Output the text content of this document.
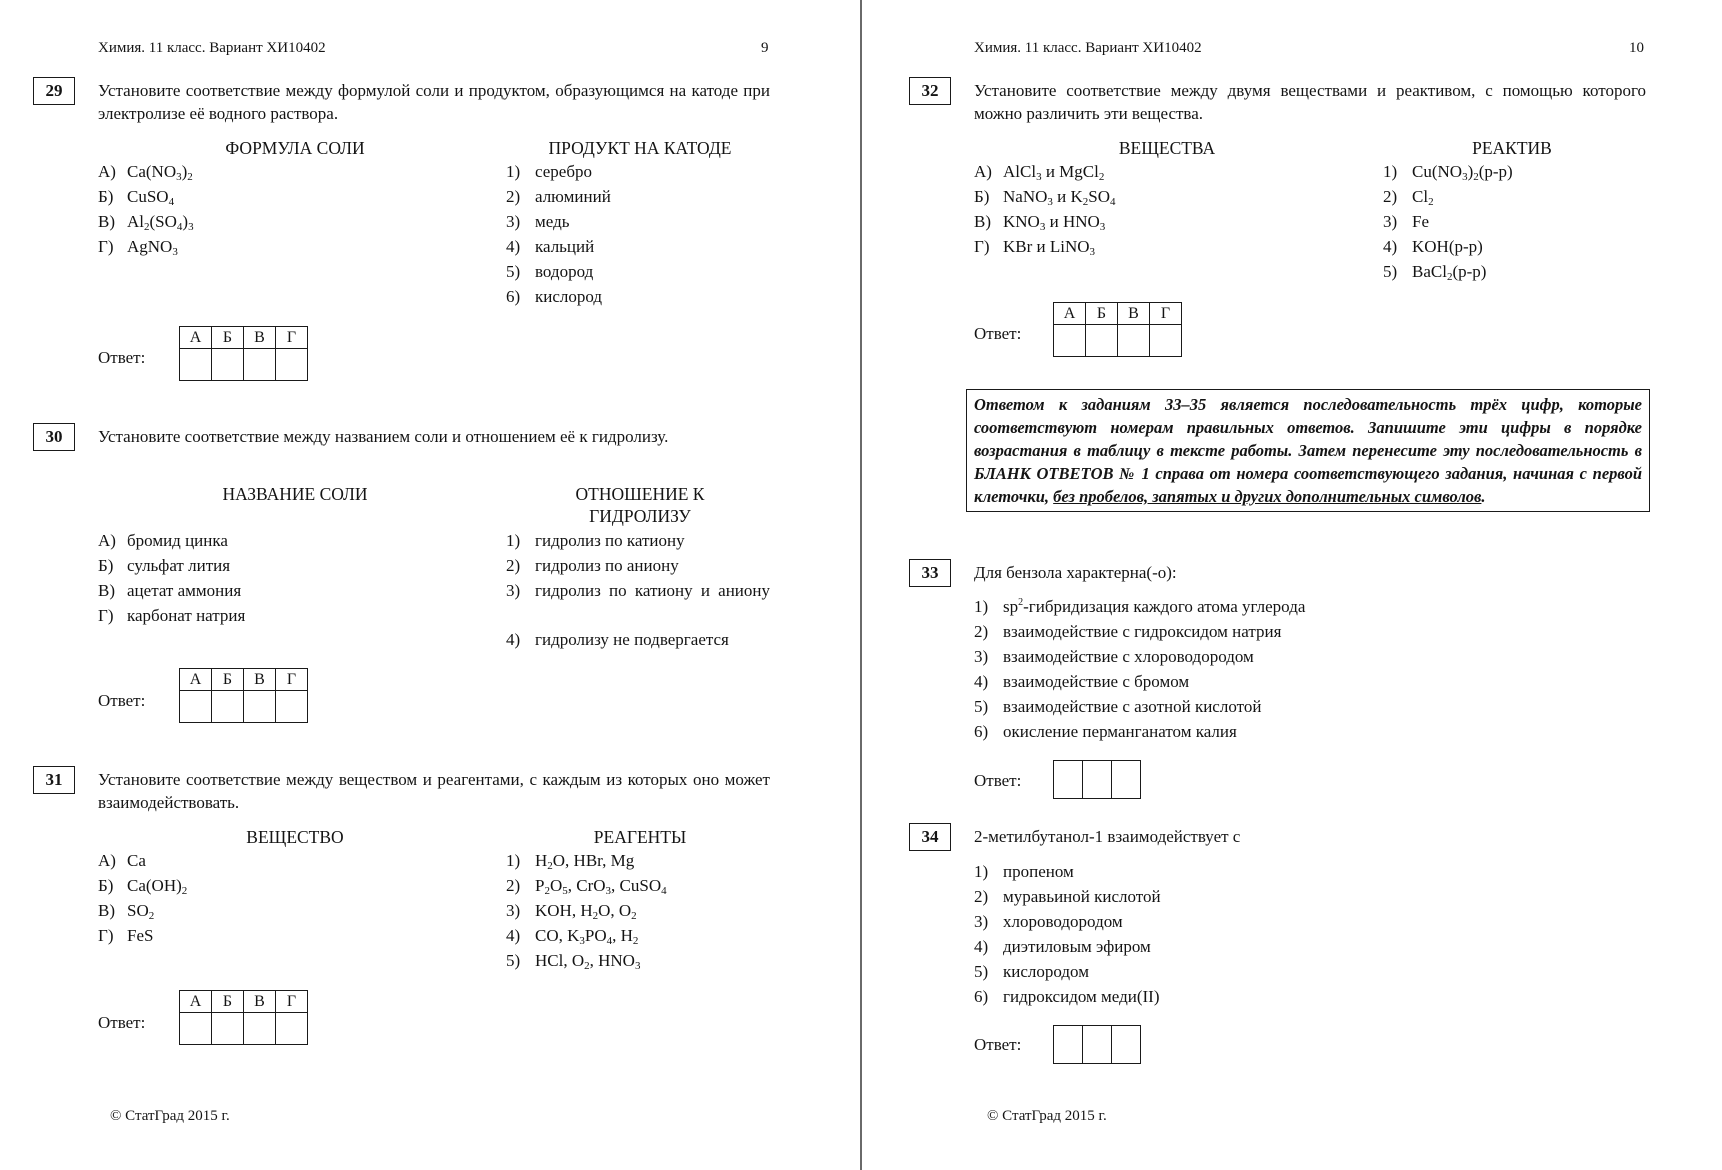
Химия. 11 класс. Вариант ХИ10402	9
29	Установите соответствие между формулой соли и продуктом, образующимся на катоде при электролизе её водного раствора.
ФОРМУЛА СОЛИ	ПРОДУКТ НА КАТОДЕ
А) $Ca(NO_3)_2$
Б) CuSO$_4$
В) $Al_2(SO_4)_3$
Г) AgNO$_3$
1) серебро
2) алюминий
3) медь
4) кальций
5) водород
6) кислород
Ответ:
А	Б	В	Г

30	Установите соответствие между названием соли и отношением её к гидролизу.
НАЗВАНИЕ СОЛИ	ОТНОШЕНИЕ К
ГИДРОЛИЗУ
А) бромид цинка
Б) сульфат лития
В) ацетат аммония
Г) карбонат натрия
1) гидролиз по катиону
2) гидролиз по аниону
3) гидролиз по катиону и аниону
4) гидролизу не подвергается
Ответ:
А	Б	В	Г

31	Установите соответствие между веществом и реагентами, с каждым из которых оно может взаимодействовать.
ВЕЩЕСТВО	РЕАГЕНТЫ
А) Ca
Б) $Ca(OH)_2$
В) $SO_2$
Г) FeS
1) $H_2O$, HBr, Mg
2) $P_2O_5$, CrO$_3$, CuSO$_4$
3) KOH, $H_2O$, $O_2$
4) CO, $K_3PO_4$, $H_2$
5) HCl, $O_2$, $HNO_3$
Ответ:
А	Б	В	Г

© СтатГрад 2015 г.
Химия. 11 класс. Вариант ХИ10402	10
32	Установите соответствие между двумя веществами и реактивом, с помощью которого можно различить эти вещества.
ВЕЩЕСТВА	РЕАКТИВ
А) AlCl$_3$ и MgCl$_2$
Б) NaNO$_3$ и $K_2SO_4$
В) $KNO_3$ и $HNO_3$
Г) KBr и LiNO$_3$
1) $Cu(NO_3)_2(р-р)$
2) $Cl_2$
3) Fe
4) KOH(р-р)
5) BaCl$_2$(р-р)
Ответ:
А	Б	В	Г

Ответом к заданиям 33–35 является последовательность трёх цифр, которые соответствуют номерам правильных ответов. Запишите эти цифры в порядке возрастания в таблицу в тексте работы. Затем перенесите эту последовательность в БЛАНК ОТВЕТОВ № 1 справа от номера соответствующего задания, начиная с первой клеточки, без пробелов, запятых и других дополнительных символов.
33	Для бензола характерна(-о):
1) $sp^2$-гибридизация каждого атома углерода
2) взаимодействие с гидроксидом натрия
3) взаимодействие с хлороводородом
4) взаимодействие с бромом
5) взаимодействие с азотной кислотой
6) окисление перманганатом калия
Ответ:
34	2-метилбутанол-1 взаимодействует с
1) пропеном
2) муравьиной кислотой
3) хлороводородом
4) диэтиловым эфиром
5) кислородом
6) гидроксидом меди(II)
Ответ:
© СтатГрад 2015 г.
